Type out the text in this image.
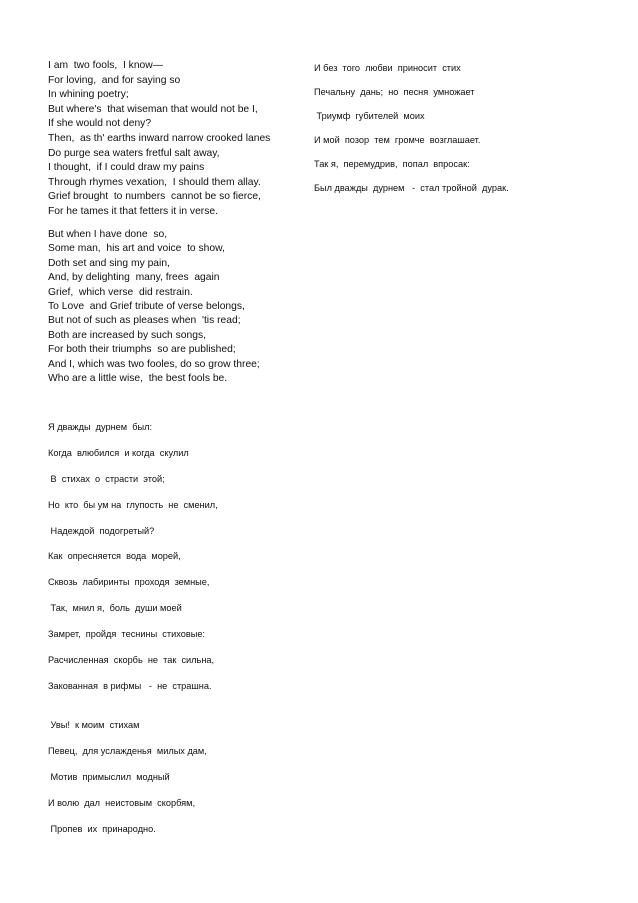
I am  two fools,  I know—
For loving,  and for saying so
In whining poetry;
But where's  that wiseman that would not be I,
If she would not deny?
Then,  as th' earths inward narrow crooked lanes
Do purge sea waters fretful salt away,
I thought,  if I could draw my pains
Through rhymes vexation,  I should them allay.
Grief brought  to numbers  cannot be so fierce,
For he tames it that fetters it in verse.
But when I have done  so,
Some man,  his art and voice  to show,
Doth set and sing my pain,
And, by delighting  many, frees  again
Grief,  which verse  did restrain.
To Love  and Grief tribute of verse belongs,
But not of such as pleases when  'tis read;
Both are increased by such songs,
For both their triumphs  so are published;
And I, which was two fooles, do so grow three;
Who are a little wise,  the best fools be.
И без  того  любви  приносит  стих
Печальну  дань;  но  песня  умножает
Триумф  губителей  моих
И мой  позор  тем  громче  возглашает.
Так я,  перемудрив,  попал  впросак:
Был дважды  дурнем   -  стал тройной  дурак.
Я дважды  дурнем  был:
Когда  влюбился  и когда  скулил
В  стихах  о  страсти  этой;
Но  кто  бы ум на  глупость  не  сменил,
Надеждой  подогретый?
Как  опресняется  вода  морей,
Сквозь  лабиринты  проходя  земные,
Так,  мнил я,  боль  души моей
Замрет,  пройдя  теснины  стиховые:
Расчисленная  скорбь  не  так  сильна,
Закованная  в рифмы   -  не  страшна.
Увы!  к моим  стихам
Певец,  для услажденья  милых дам,
Мотив  примыслил  модный
И волю  дал  неистовым  скорбям,
Пропев  их  принародно.
